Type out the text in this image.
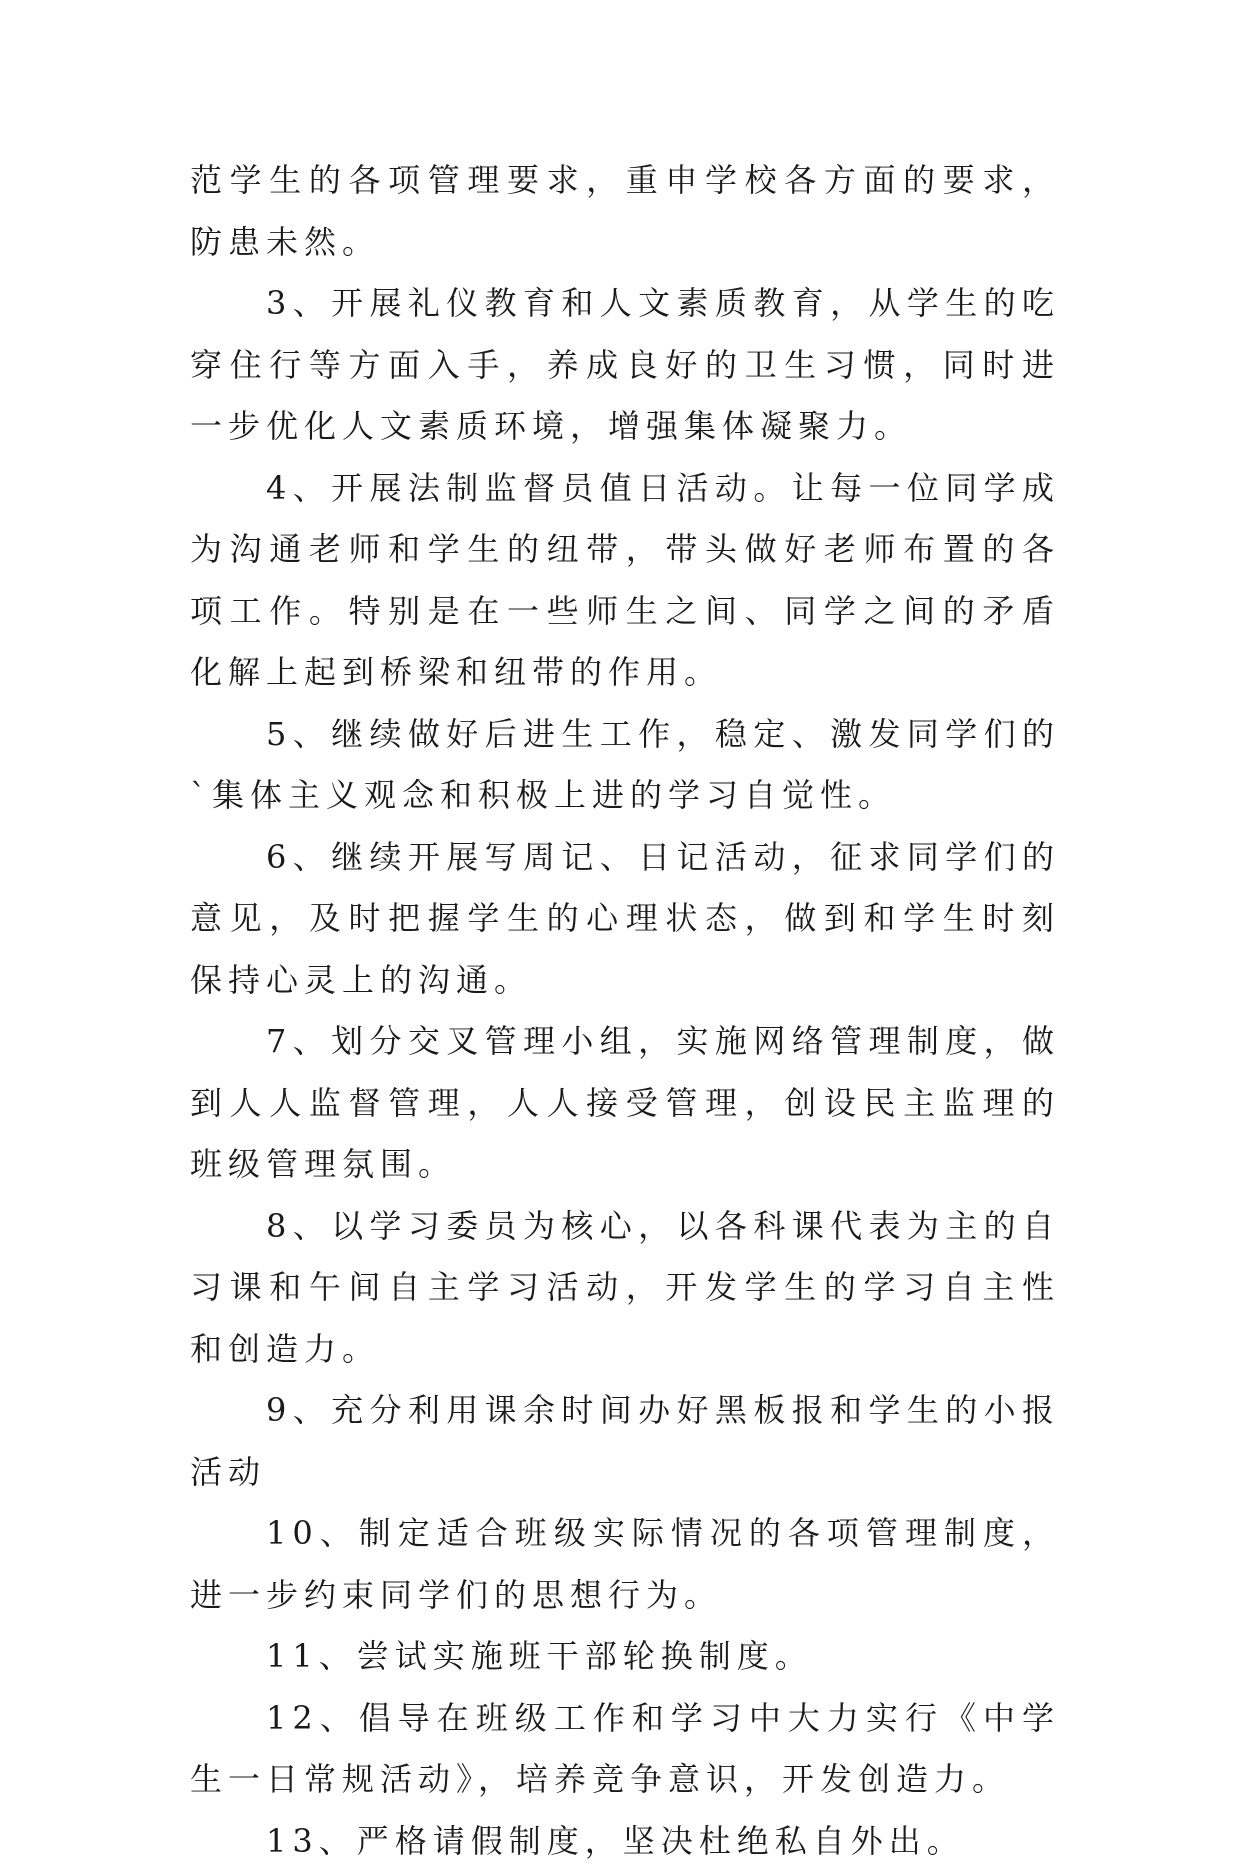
范学生的各项管理要求，重申学校各方面的要求，防患未然。

3、开展礼仪教育和人文素质教育，从学生的吃穿住行等方面入手，养成良好的卫生习惯，同时进一步优化人文素质环境，增强集体凝聚力。

4、开展法制监督员值日活动。让每一位同学成为沟通老师和学生的纽带，带头做好老师布置的各项工作。特别是在一些师生之间、同学之间的矛盾化解上起到桥梁和纽带的作用。

5、继续做好后进生工作，稳定、激发同学们的`集体主义观念和积极上进的学习自觉性。

6、继续开展写周记、日记活动，征求同学们的意见，及时把握学生的心理状态，做到和学生时刻保持心灵上的沟通。

7、划分交叉管理小组，实施网络管理制度，做到人人监督管理，人人接受管理，创设民主监理的班级管理氛围。

8、以学习委员为核心，以各科课代表为主的自习课和午间自主学习活动，开发学生的学习自主性和创造力。

9、充分利用课余时间办好黑板报和学生的小报活动

10、制定适合班级实际情况的各项管理制度，进一步约束同学们的思想行为。

11、尝试实施班干部轮换制度。

12、倡导在班级工作和学习中大力实行《中学生一日常规活动》，培养竞争意识，开发创造力。

13、严格请假制度，坚决杜绝私自外出。
